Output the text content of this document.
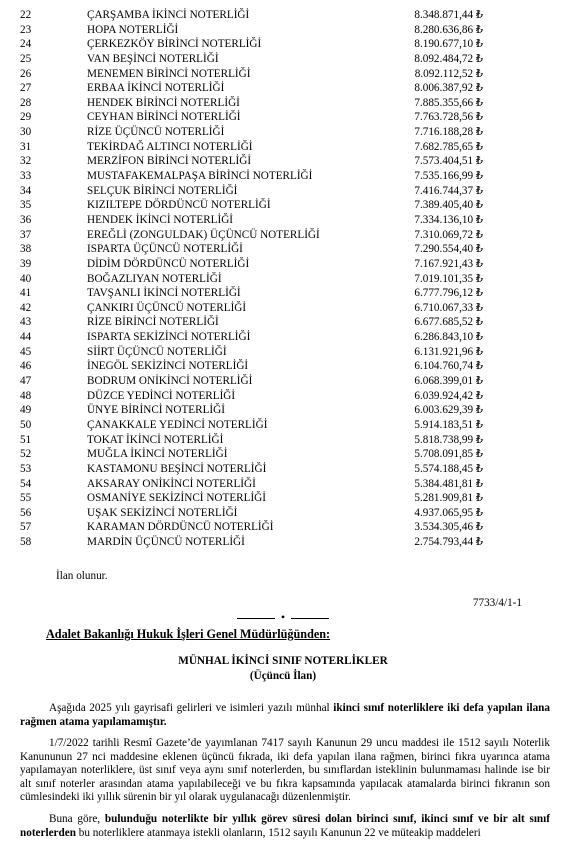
22	ÇARŞAMBA İKİNCİ NOTERLİĞİ	8.348.871,44 ₺
23	HOPA NOTERLİĞİ	8.280.636,86 ₺
24	ÇERKEZKÖY BİRİNCİ NOTERLİĞİ	8.190.677,10 ₺
25	VAN BEŞİNCİ NOTERLİĞİ	8.092.484,72 ₺
26	MENEMEN BİRİNCİ NOTERLİĞİ	8.092.112,52 ₺
27	ERBAA İKİNCİ NOTERLİĞİ	8.006.387,92 ₺
28	HENDEK BİRİNCİ NOTERLİĞİ	7.885.355,66 ₺
29	CEYHAN BİRİNCİ NOTERLİĞİ	7.763.728,56 ₺
30	RİZE ÜÇÜNCÜ NOTERLİĞİ	7.716.188,28 ₺
31	TEKİRDAĞ ALTINCI NOTERLİĞİ	7.682.785,65 ₺
32	MERZİFON BİRİNCİ NOTERLİĞİ	7.573.404,51 ₺
33	MUSTAFAKEMALPAŞA BİRİNCİ NOTERLİĞİ	7.535.166,99 ₺
34	SELÇUK BİRİNCİ NOTERLİĞİ	7.416.744,37 ₺
35	KIZILTEPE DÖRDÜNCÜ NOTERLİĞİ	7.389.405,40 ₺
36	HENDEK İKİNCİ NOTERLİĞİ	7.334.136,10 ₺
37	EREĞLİ (ZONGULDAK) ÜÇÜNCÜ NOTERLİĞİ	7.310.069,72 ₺
38	ISPARTA ÜÇÜNCÜ NOTERLİĞİ	7.290.554,40 ₺
39	DİDİM DÖRDÜNCÜ NOTERLİĞİ	7.167.921,43 ₺
40	BOĞAZLIYAN NOTERLİĞİ	7.019.101,35 ₺
41	TAVŞANLI İKİNCİ NOTERLİĞİ	6.777.796,12 ₺
42	ÇANKIRI ÜÇÜNCÜ NOTERLİĞİ	6.710.067,33 ₺
43	RİZE BİRİNCİ NOTERLİĞİ	6.677.685,52 ₺
44	ISPARTA SEKİZİNCİ NOTERLİĞİ	6.286.843,10 ₺
45	SİİRT ÜÇÜNCÜ NOTERLİĞİ	6.131.921,96 ₺
46	İNEGÖL SEKİZİNCİ NOTERLİĞİ	6.104.760,74 ₺
47	BODRUM ONİKİNCİ NOTERLİĞİ	6.068.399,01 ₺
48	DÜZCE YEDİNCİ NOTERLİĞİ	6.039.924,42 ₺
49	ÜNYE BİRİNCİ NOTERLİĞİ	6.003.629,39 ₺
50	ÇANAKKALE YEDİNCİ NOTERLİĞİ	5.914.183,51 ₺
51	TOKAT İKİNCİ NOTERLİĞİ	5.818.738,99 ₺
52	MUĞLA İKİNCİ NOTERLİĞİ	5.708.091,85 ₺
53	KASTAMONU BEŞİNCİ NOTERLİĞİ	5.574.188,45 ₺
54	AKSARAY ONİKİNCİ NOTERLİĞİ	5.384.481,81 ₺
55	OSMANİYE SEKİZİNCİ NOTERLİĞİ	5.281.909,81 ₺
56	UŞAK SEKİZİNCİ NOTERLİĞİ	4.937.065,95 ₺
57	KARAMAN DÖRDÜNCÜ NOTERLİĞİ	3.534.305,46 ₺
58	MARDİN ÜÇÜNCÜ NOTERLİĞİ	2.754.793,44 ₺
İlan olunur.
7733/4/1-1
•
Adalet Bakanlığı Hukuk İşleri Genel Müdürlüğünden:
MÜNHAL İKİNCİ SINIF NOTERLİKLER
(Üçüncü İlan)
Aşağıda 2025 yılı gayrisafi gelirleri ve isimleri yazılı münhal ikinci sınıf noterliklere iki defa yapılan ilana rağmen atama yapılamamıştır.
1/7/2022 tarihli Resmî Gazete’de yayımlanan 7417 sayılı Kanunun 29 uncu maddesi ile 1512 sayılı Noterlik Kanununun 27 nci maddesine eklenen üçüncü fıkrada, iki defa yapılan ilana rağmen, birinci fıkra uyarınca atama yapılamayan noterliklere, üst sınıf veya aynı sınıf noterlerden, bu sınıflardan isteklinin bulunmaması halinde ise bir alt sınıf noterler arasından atama yapılabileceği ve bu fıkra kapsamında yapılacak atamalarda birinci fıkranın son cümlesindeki iki yıllık sürenin bir yıl olarak uygulanacağı düzenlenmiştir.
Buna göre, bulunduğu noterlikte bir yıllık görev süresi dolan birinci sınıf, ikinci sınıf ve bir alt sınıf noterlerden bu noterliklere atanmaya istekli olanların, 1512 sayılı Kanunun 22 ve müteakip maddeleri
